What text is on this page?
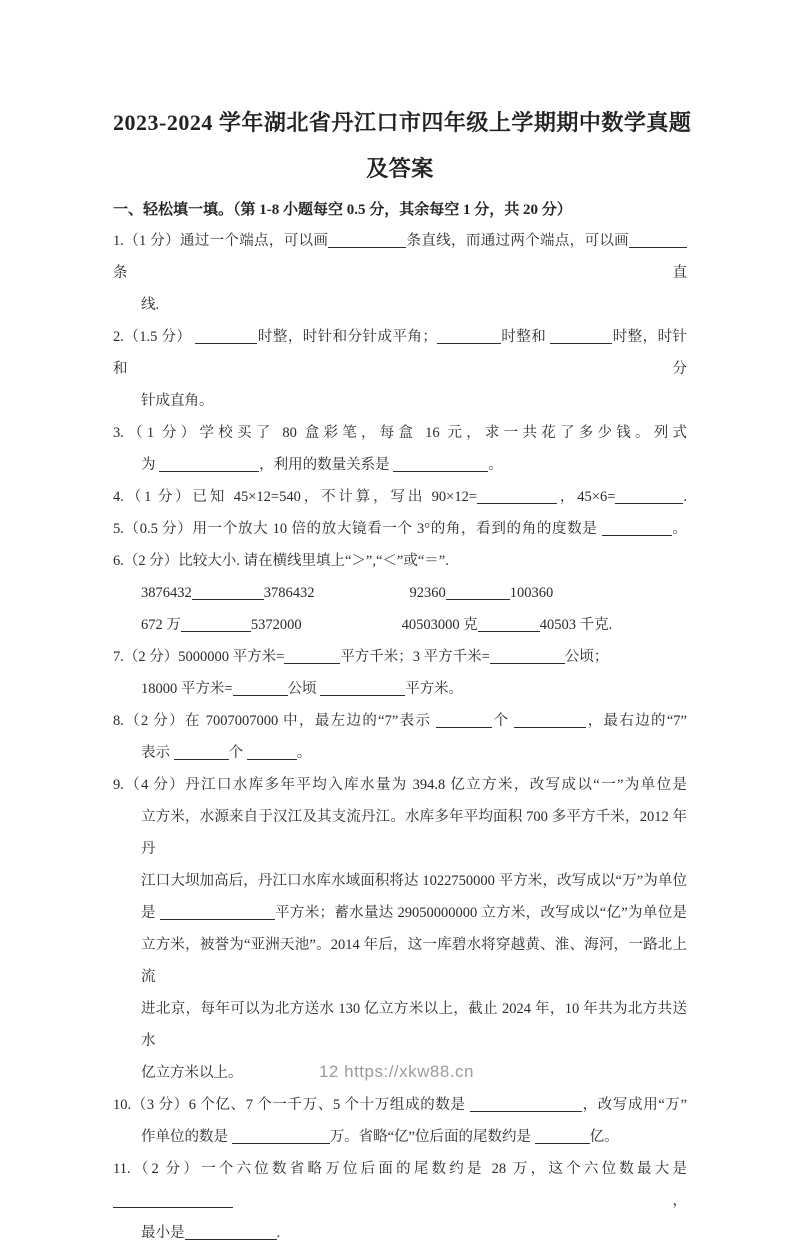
2023-2024 学年湖北省丹江口市四年级上学期期中数学真题
及答案
一、轻松填一填。（第 1-8 小题每空 0.5 分，其余每空 1 分，共 20 分）
1.（1 分）通过一个端点，可以画	条直线，而通过两个端点，可以画条直
线.
2.（1.5 分）	时整，时针和分针成平角；	时整和	时整，时针和分
针成直角。
3.（1 分）学校买了 80 盒彩笔，每盒 16 元，求一共花了多少钱。列式
为	，利用的数量关系是	。
4.（1 分）已知 45×12=540，不计算，写出 90×12=	，45×6=	.
5.（0.5 分）用一个放大 10 倍的放大镜看一个 3°的角，看到的角的度数是	。
6.（2 分）比较大小. 请在横线里填上“＞”,“＜”或“＝”.
3876432	3786432	92360	100360
672 万	5372000	40503000 克	40503 千克.
7.（2 分）5000000 平方米=	平方千米；3 平方千米=	公顷；
18000 平方米=	公顷	平方米。
8.（2 分）在 7007007000 中，最左边的“7”表示	个	，最右边的“7”
表示	个	。
9.（4 分）丹江口水库多年平均入库水量为 394.8 亿立方米，改写成以“一”为单位是
立方米，水源来自于汉江及其支流丹江。水库多年平均面积 700 多平方千米，2012 年丹
江口大坝加高后，丹江口水库水域面积将达 1022750000 平方米，改写成以“万”为单位
是	平方米；蓄水量达 29050000000 立方米，改写成以“亿”为单位是
立方米，被誉为“亚洲天池”。2014 年后，这一库碧水将穿越黄、淮、海河，一路北上流
进北京，每年可以为北方送水 130 亿立方米以上，截止 2024 年，10 年共为北方共送水
亿立方米以上。
10.（3 分）6 个亿、7 个一千万、5 个十万组成的数是	，改写成用“万”
作单位的数是	万。省略“亿”位后面的尾数约是	亿。
11.（2 分）一个六位数省略万位后面的尾数约是 28 万，这个六位数最大是，
最小是	.
12 https://xkw88.cn
